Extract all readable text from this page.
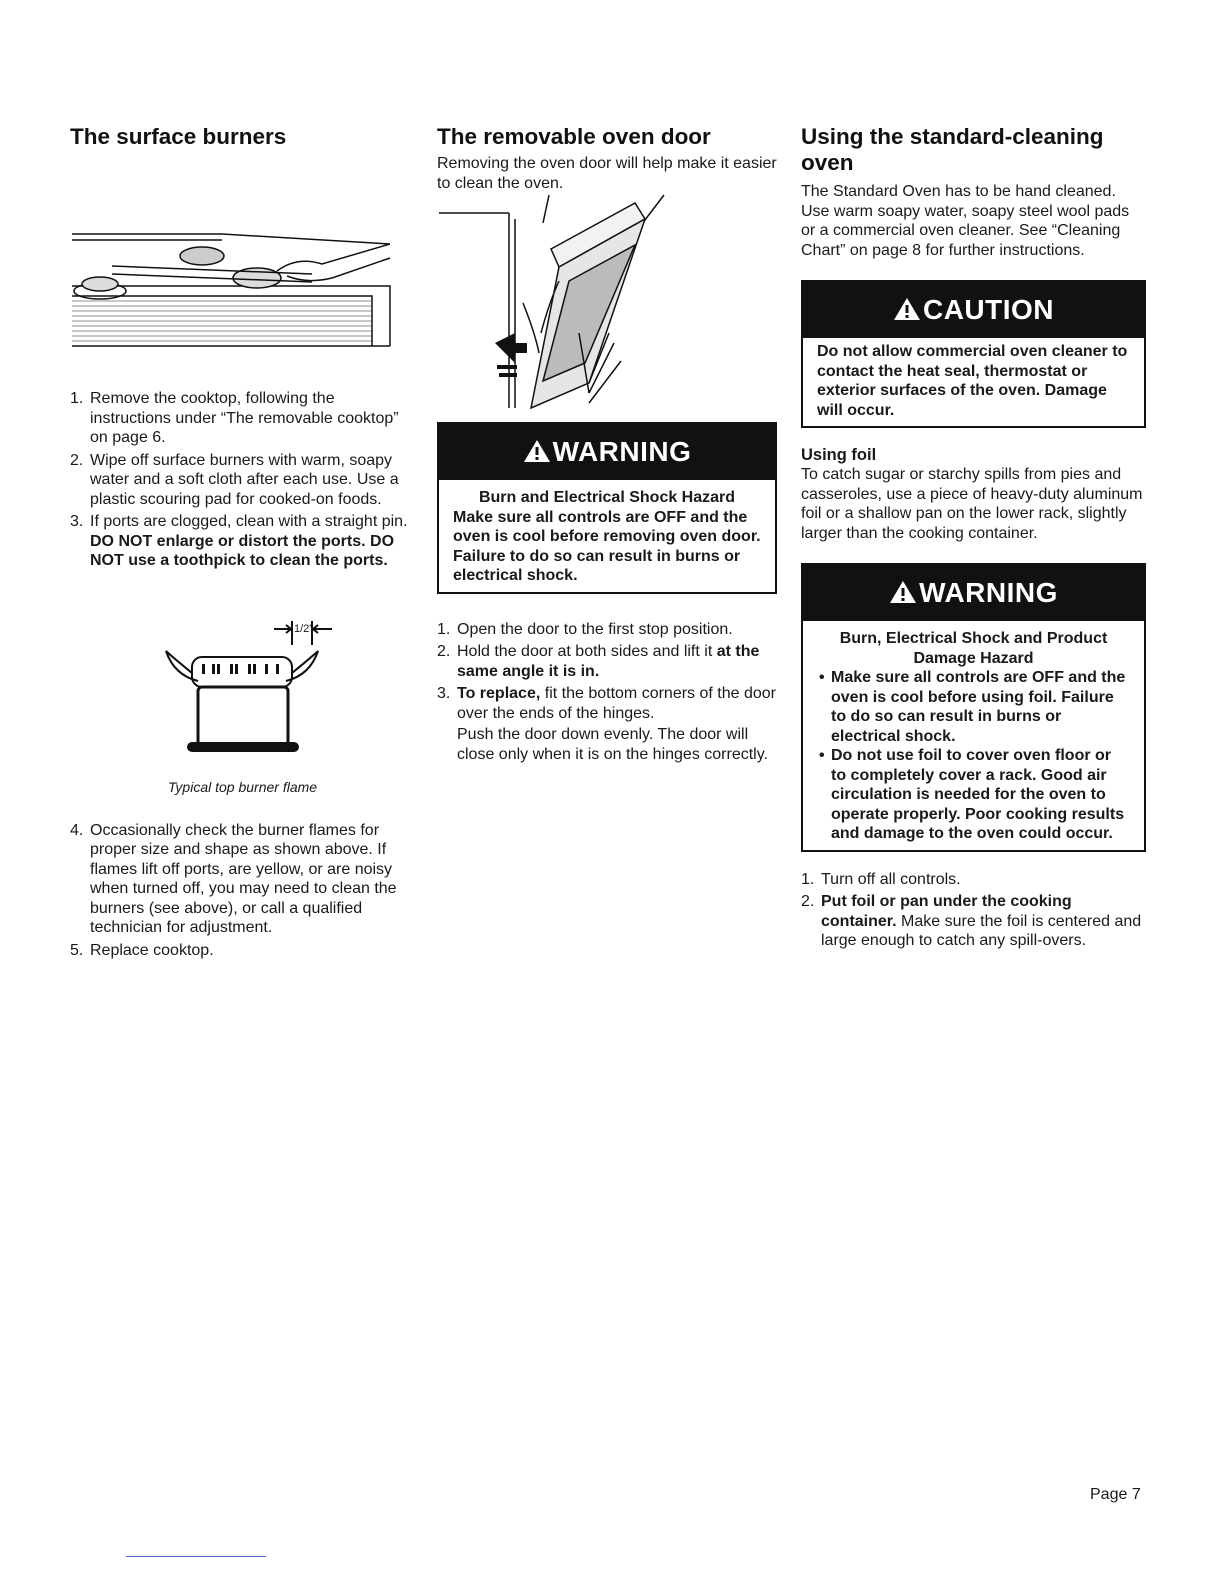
The surface burners
1. Remove the cooktop, following the instructions under “The removable cooktop” on page 6.
2. Wipe off surface burners with warm, soapy water and a soft cloth after each use. Use a plastic scouring pad for cooked-on foods.
3. If ports are clogged, clean with a straight pin. DO NOT enlarge or distort the ports. DO NOT use a toothpick to clean the ports.
1/2"

Typical top burner flame

4. Occasionally check the burner flames for proper size and shape as shown above. If flames lift off ports, are yellow, or are noisy when turned off, you may need to clean the burners (see above), or call a qualified technician for adjustment.
5. Replace cooktop.
The removable oven door

Removing the oven door will help make it easier to clean the oven.

WARNING

Burn and Electrical Shock Hazard

Make sure all controls are OFF and the oven is cool before removing oven door. Failure to do so can result in burns or electrical shock.

1. Open the door to the first stop position.
2. Hold the door at both sides and lift it at the same angle it is in.
3. To replace, fit the bottom corners of the door over the ends of the hinges.

Push the door down evenly. The door will close only when it is on the hinges correctly.

Using the standard-cleaning oven

The Standard Oven has to be hand cleaned. Use warm soapy water, soapy steel wool pads or a commercial oven cleaner. See “Cleaning Chart” on page 8 for further instructions.

CAUTION

Do not allow commercial oven cleaner to contact the heat seal, thermostat or exterior surfaces of the oven. Damage will occur.

Using foil

To catch sugar or starchy spills from pies and casseroles, use a piece of heavy-duty aluminum foil or a shallow pan on the lower rack, slightly larger than the cooking container.

WARNING

Burn, Electrical Shock and Product Damage Hazard

• Make sure all controls are OFF and the oven is cool before using foil. Failure to do so can result in burns or electrical shock.

• Do not use foil to cover oven floor or to completely cover a rack. Good air circulation is needed for the oven to operate properly. Poor cooking results and damage to the oven could occur.

1. Turn off all controls.
2. Put foil or pan under the cooking container. Make sure the foil is centered and large enough to catch any spill-overs.
Page 7
